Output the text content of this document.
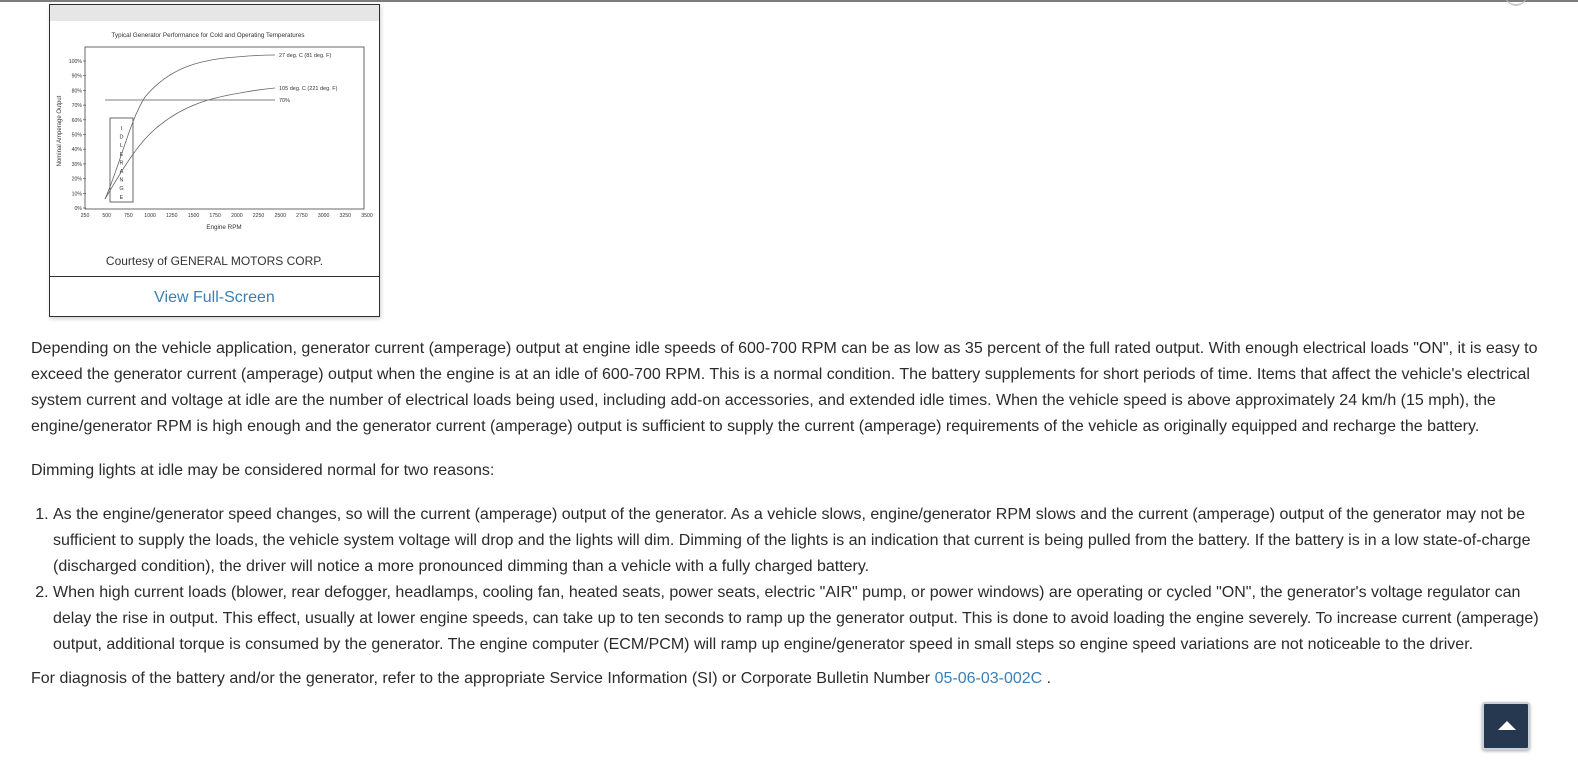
Typical Generator Performance for Cold and Operating Temperatures
100%
90%
80%
70%
60%
50%
40%
30%
20%
10%
0%
250	500	750 1000 1250 1500 1750 2000 2250 2500 2750 3000 3250 3500
Nominal Amperage Output
Engine RPM
I
D
L
E
R
A
N
G
E
27 deg. C (81 deg. F)
105 deg. C (221 deg. F)
70%
Courtesy of GENERAL MOTORS CORP.
View Full-Screen

Depending on the vehicle application, generator current (amperage) output at engine idle speeds of 600-700 RPM can be as low as 35 percent of the full rated output. With enough electrical loads "ON", it is easy to exceed the generator current (amperage) output when the engine is at an idle of 600-700 RPM. This is a normal condition. The battery supplements for short periods of time. Items that affect the vehicle's electrical system current and voltage at idle are the number of electrical loads being used, including add-on accessories, and extended idle times. When the vehicle speed is above approximately 24 km/h (15 mph), the engine/generator RPM is high enough and the generator current (amperage) output is sufficient to supply the current (amperage) requirements of the vehicle as originally equipped and recharge the battery.

Dimming lights at idle may be considered normal for two reasons:

1. As the engine/generator speed changes, so will the current (amperage) output of the generator. As a vehicle slows, engine/generator RPM slows and the current (amperage) output of the generator may not be sufficient to supply the loads, the vehicle system voltage will drop and the lights will dim. Dimming of the lights is an indication that current is being pulled from the battery. If the battery is in a low state-of-charge (discharged condition), the driver will notice a more pronounced dimming than a vehicle with a fully charged battery.
2. When high current loads (blower, rear defogger, headlamps, cooling fan, heated seats, power seats, electric "AIR" pump, or power windows) are operating or cycled "ON", the generator's voltage regulator can delay the rise in output. This effect, usually at lower engine speeds, can take up to ten seconds to ramp up the generator output. This is done to avoid loading the engine severely. To increase current (amperage) output, additional torque is consumed by the generator. The engine computer (ECM/PCM) will ramp up engine/generator speed in small steps so engine speed variations are not noticeable to the driver.

For diagnosis of the battery and/or the generator, refer to the appropriate Service Information (SI) or Corporate Bulletin Number 05-06-03-002C .
